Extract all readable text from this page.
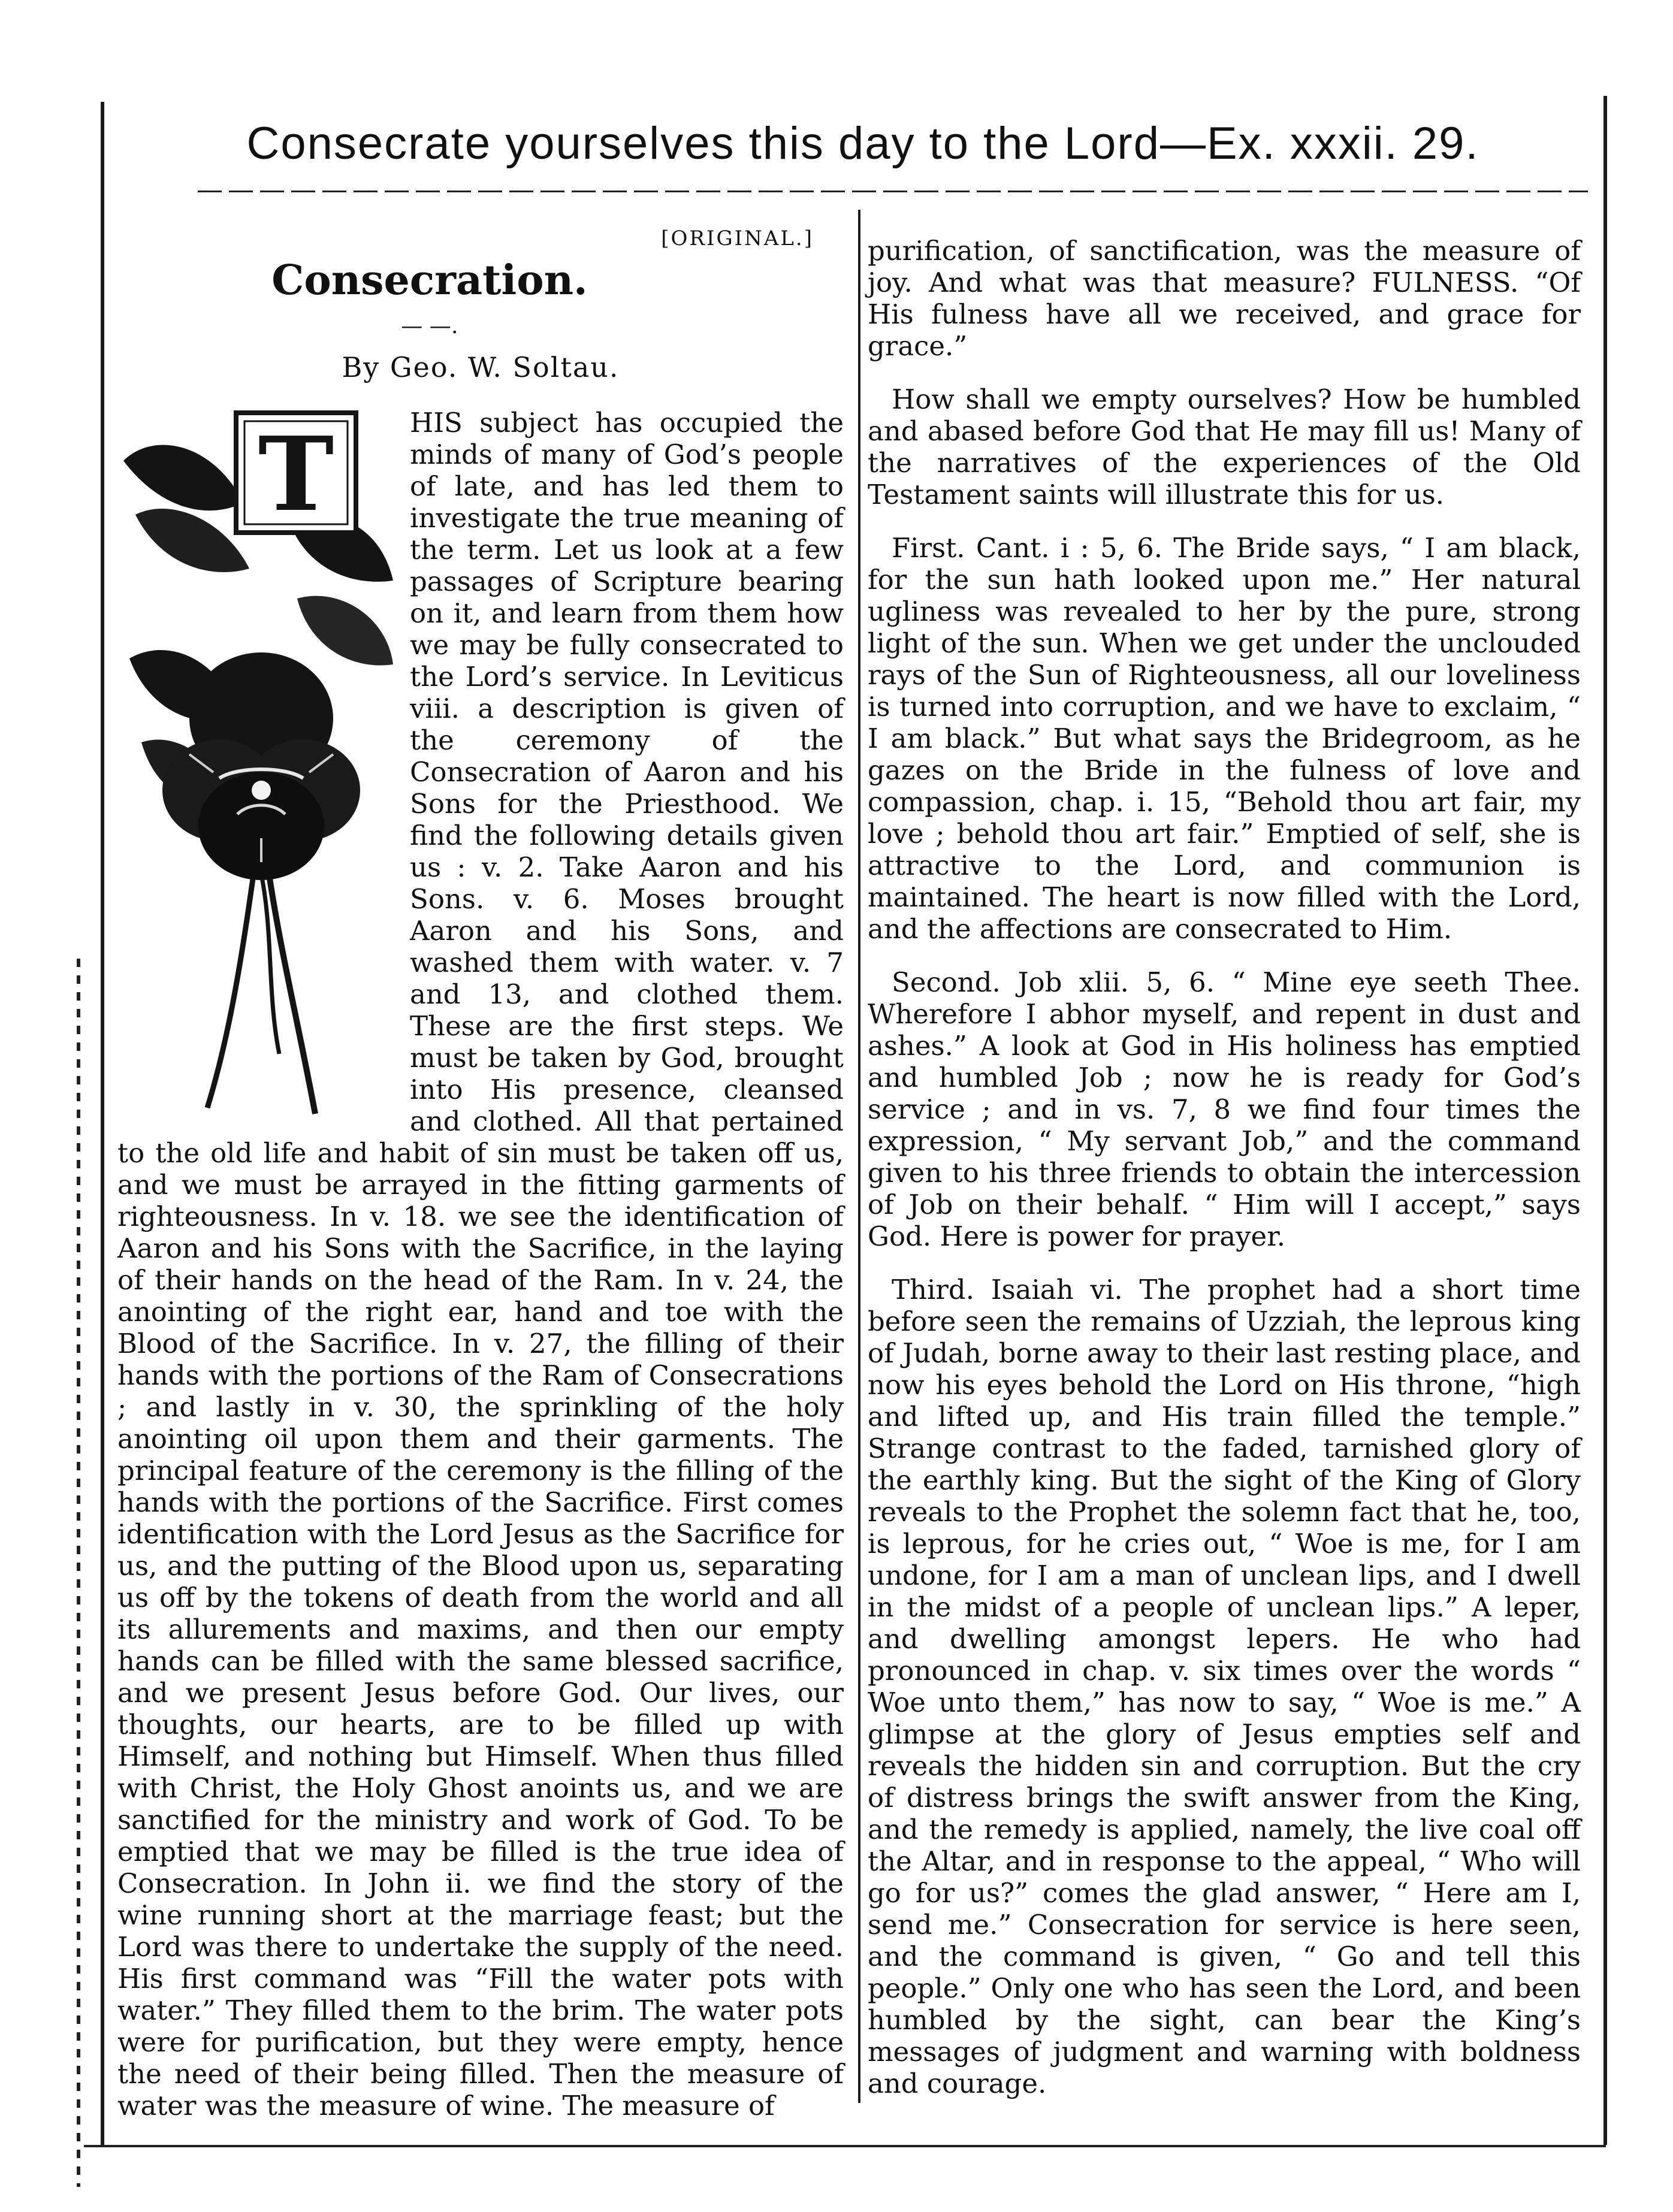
Consecrate yourselves this day to the Lord—Ex. xxxii. 29.
[ORIGINAL.]
Consecration.
— —․
By Geo. W. Soltau.
T	HIS subject has occupied the minds of many of God’s people of late, and has led them to investigate the true meaning of the term. Let us look at a few passages of Scripture bearing on it, and learn from them how we may be fully consecrated to the Lord’s service. In Leviticus viii. a description is given of the ceremony of the Consecration of Aaron and his Sons for the Priesthood. We find the following details given us : v. 2. Take Aaron and his Sons. v. 6. Moses brought Aaron and his Sons, and washed them with water. v. 7 and 13, and clothed them. These are the first steps. We must be taken by God, brought into His presence, cleansed and clothed. All that pertained to the old life and habit of sin must be taken off us, and we must be arrayed in the fitting garments of righteousness. In v. 18. we see the identification of Aaron and his Sons with the Sacrifice, in the laying of their hands on the head of the Ram. In v. 24, the anointing of the right ear, hand and toe with the Blood of the Sacrifice. In v. 27, the filling of their hands with the portions of the Ram of Consecrations ; and lastly in v. 30, the sprinkling of the holy anointing oil upon them and their garments. The principal feature of the ceremony is the filling of the hands with the portions of the Sacrifice. First comes identification with the Lord Jesus as the Sacrifice for us, and the putting of the Blood upon us, separating us off by the tokens of death from the world and all its allurements and maxims, and then our empty hands can be filled with the same blessed sacrifice, and we present Jesus before God. Our lives, our thoughts, our hearts, are to be filled up with Himself, and nothing but Himself. When thus filled with Christ, the Holy Ghost anoints us, and we are sanctified for the ministry and work of God. To be emptied that we may be filled is the true idea of Consecration. In John ii. we find the story of the wine running short at the marriage feast; but the Lord was there to undertake the supply of the need. His first command was “Fill the water pots with water.” They filled them to the brim. The water pots were for purification, but they were empty, hence the need of their being filled. Then the measure of water was the measure of wine. The measure of

purification, of sanctification, was the measure of joy. And what was that measure? FULNESS. “Of His fulness have all we received, and grace for grace.”

How shall we empty ourselves? How be humbled and abased before God that He may fill us! Many of the narratives of the experiences of the Old Testament saints will illustrate this for us.

First. Cant. i : 5, 6. The Bride says, “ I am black, for the sun hath looked upon me.” Her natural ugliness was revealed to her by the pure, strong light of the sun. When we get under the unclouded rays of the Sun of Righteousness, all our loveliness is turned into corruption, and we have to exclaim, “ I am black.” But what says the Bridegroom, as he gazes on the Bride in the fulness of love and compassion, chap. i. 15, “Behold thou art fair, my love ; behold thou art fair.” Emptied of self, she is attractive to the Lord, and communion is maintained. The heart is now filled with the Lord, and the affections are consecrated to Him.

Second. Job xlii. 5, 6. “ Mine eye seeth Thee. Wherefore I abhor myself, and repent in dust and ashes.” A look at God in His holiness has emptied and humbled Job ; now he is ready for God’s service ; and in vs. 7, 8 we find four times the expression, “ My servant Job,” and the command given to his three friends to obtain the intercession of Job on their behalf. “ Him will I accept,” says God. Here is power for prayer.

Third. Isaiah vi. The prophet had a short time before seen the remains of Uzziah, the leprous king of Judah, borne away to their last resting place, and now his eyes behold the Lord on His throne, “high and lifted up, and His train filled the temple.” Strange contrast to the faded, tarnished glory of the earthly king. But the sight of the King of Glory reveals to the Prophet the solemn fact that he, too, is leprous, for he cries out, “ Woe is me, for I am undone, for I am a man of unclean lips, and I dwell in the midst of a people of unclean lips.” A leper, and dwelling amongst lepers. He who had pronounced in chap. v. six times over the words “ Woe unto them,” has now to say, “ Woe is me.” A glimpse at the glory of Jesus empties self and reveals the hidden sin and corruption. But the cry of distress brings the swift answer from the King, and the remedy is applied, namely, the live coal off the Altar, and in response to the appeal, “ Who will go for us?” comes the glad answer, “ Here am I, send me.” Consecration for service is here seen, and the command is given, “ Go and tell this people.” Only one who has seen the Lord, and been humbled by the sight, can bear the King’s messages of judgment and warning with boldness and courage.
